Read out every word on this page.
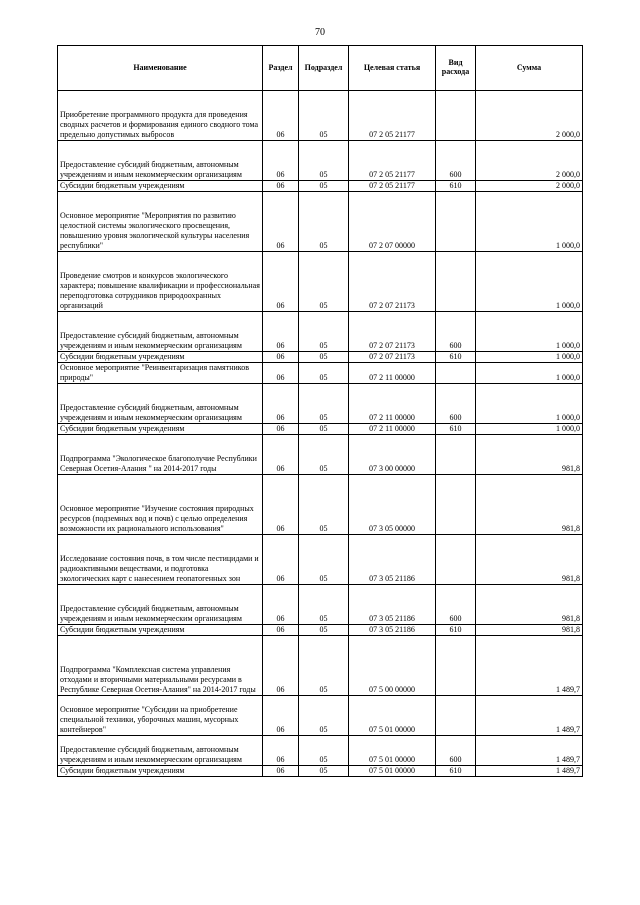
70
Наименование	Раздел	Подраздел	Целевая статья	Вид расхода	Сумма
Приобретение программного продукта для проведения сводных расчетов и формирования единого сводного тома предельно допустимых выбросов	06	05	07 2 05 21177		2 000,0
Предоставление субсидий бюджетным, автономным учреждениям и иным некоммерческим организациям	06	05	07 2 05 21177	600	2 000,0
Субсидии бюджетным учреждениям	06	05	07 2 05 21177	610	2 000,0
Основное мероприятие "Мероприятия по развитию целостной системы экологического просвещения, повышению уровня экологической культуры населения республики"	06	05	07 2 07 00000		1 000,0
Проведение смотров и конкурсов экологического характера; повышение квалификации и профессиональная переподготовка сотрудников природоохранных организаций	06	05	07 2 07 21173		1 000,0
Предоставление субсидий бюджетным, автономным учреждениям и иным некоммерческим организациям	06	05	07 2 07 21173	600	1 000,0
Субсидии бюджетным учреждениям	06	05	07 2 07 21173	610	1 000,0
Основное мероприятие "Реинвентаризация памятников природы"	06	05	07 2 11 00000		1 000,0
Предоставление субсидий бюджетным, автономным учреждениям и иным некоммерческим организациям	06	05	07 2 11 00000	600	1 000,0
Субсидии бюджетным учреждениям	06	05	07 2 11 00000	610	1 000,0
Подпрограмма "Экологическое благополучие Республики Северная Осетия-Алания " на 2014-2017 годы	06	05	07 3 00 00000		981,8
Основное мероприятие "Изучение состояния природных ресурсов (подземных вод и почв) с целью определения возможности их рационального использования"	06	05	07 3 05 00000		981,8
Исследование состояния почв, в том числе пестицидами и радиоактивными веществами, и подготовка экологических карт с нанесением геопатогенных зон	06	05	07 3 05 21186		981,8
Предоставление субсидий бюджетным, автономным учреждениям и иным некоммерческим организациям	06	05	07 3 05 21186	600	981,8
Субсидии бюджетным учреждениям	06	05	07 3 05 21186	610	981,8
Подпрограмма "Комплексная система управления отходами и вторичными материальными ресурсами в Республике Северная Осетия-Алания" на 2014-2017 годы	06	05	07 5 00 00000		1 489,7
Основное мероприятие "Субсидии на приобретение специальной техники, уборочных машин, мусорных контейнеров"	06	05	07 5 01 00000		1 489,7
Предоставление субсидий бюджетным, автономным учреждениям и иным некоммерческим организациям	06	05	07 5 01 00000	600	1 489,7
Субсидии бюджетным учреждениям	06	05	07 5 01 00000	610	1 489,7
